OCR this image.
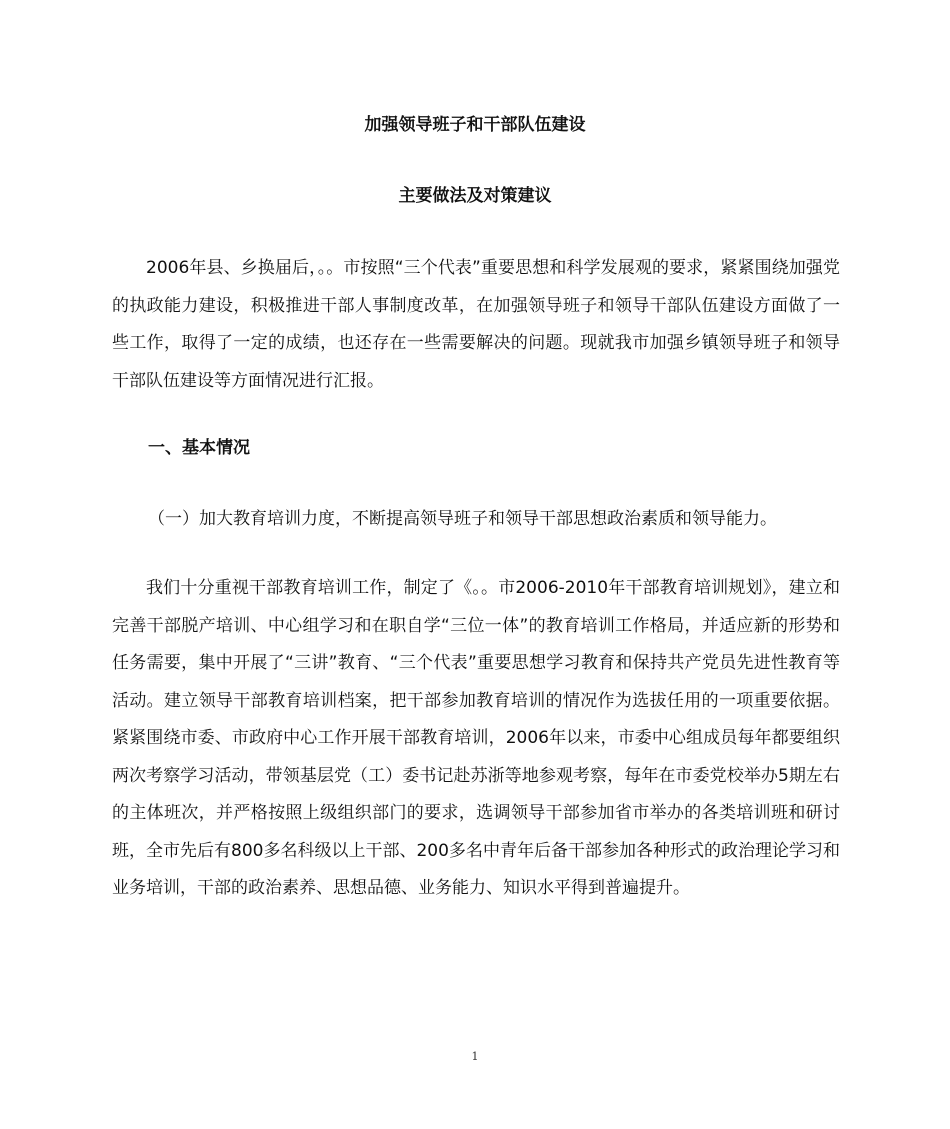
加强领导班子和干部队伍建设
主要做法及对策建议

2006年县、乡换届后，。。市按照“三个代表”重要思想和科学发展观的要求，紧紧围绕加强党的执政能力建设，积极推进干部人事制度改革，在加强领导班子和领导干部队伍建设方面做了一些工作，取得了一定的成绩，也还存在一些需要解决的问题。现就我市加强乡镇领导班子和领导干部队伍建设等方面情况进行汇报。

一、基本情况
（一）加大教育培训力度，不断提高领导班子和领导干部思想政治素质和领导能力。

我们十分重视干部教育培训工作，制定了《。。市2006-2010年干部教育培训规划》，建立和完善干部脱产培训、中心组学习和在职自学“三位一体”的教育培训工作格局，并适应新的形势和任务需要，集中开展了“三讲”教育、“三个代表”重要思想学习教育和保持共产党员先进性教育等活动。建立领导干部教育培训档案，把干部参加教育培训的情况作为选拔任用的一项重要依据。紧紧围绕市委、市政府中心工作开展干部教育培训，2006年以来，市委中心组成员每年都要组织两次考察学习活动，带领基层党（工）委书记赴苏浙等地参观考察，每年在市委党校举办5期左右的主体班次，并严格按照上级组织部门的要求，选调领导干部参加省市举办的各类培训班和研讨班，全市先后有800多名科级以上干部、200多名中青年后备干部参加各种形式的政治理论学习和业务培训，干部的政治素养、思想品德、业务能力、知识水平得到普遍提升。

1
